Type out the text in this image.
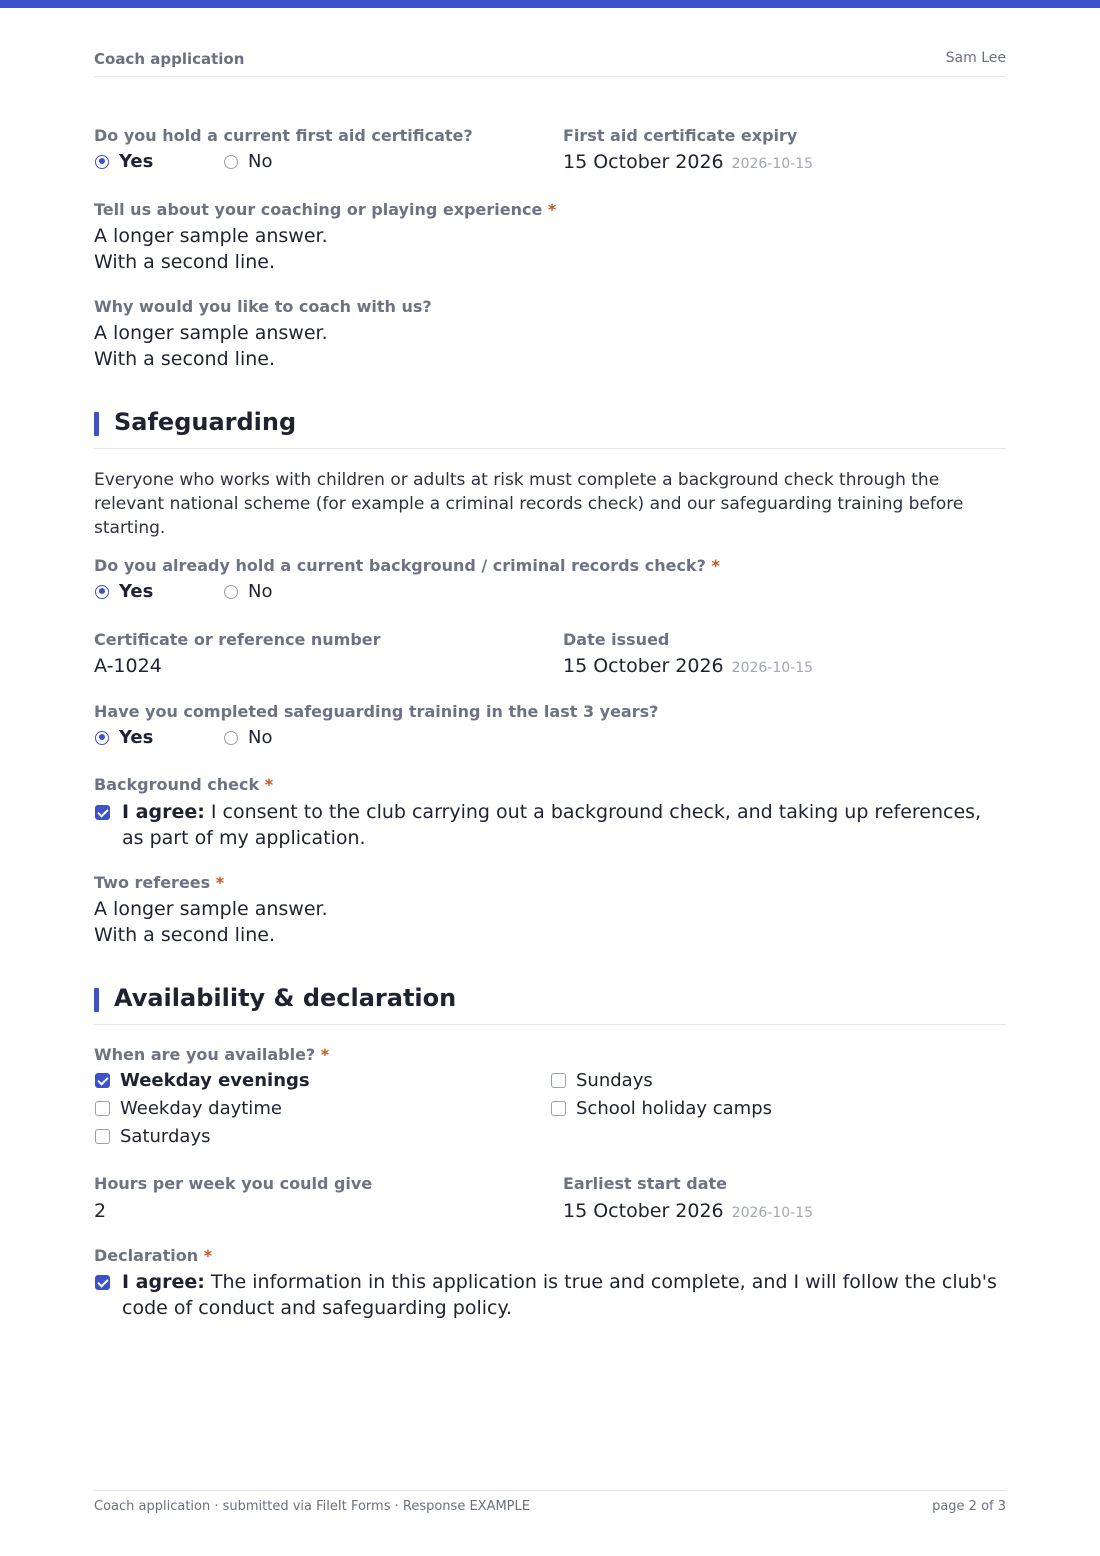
Coach application	Sam Lee
Do you hold a current first aid certificate?
Yes	No
First aid certificate expiry
15 October 2026 2026-10-15
Tell us about your coaching or playing experience *
A longer sample answer.
With a second line.
Why would you like to coach with us?
A longer sample answer.
With a second line.
Safeguarding
Everyone who works with children or adults at risk must complete a background check through the relevant national scheme (for example a criminal records check) and our safeguarding training before starting.
Do you already hold a current background / criminal records check? *
Yes	No
Certificate or reference number
A-1024
Date issued
15 October 2026 2026-10-15
Have you completed safeguarding training in the last 3 years?
Yes	No
Background check *
I agree: I consent to the club carrying out a background check, and taking up references, as part of my application.
Two referees *
A longer sample answer.
With a second line.
Availability & declaration
When are you available? *
Weekday evenings
Weekday daytime
Saturdays
Sundays
School holiday camps
Hours per week you could give
2
Earliest start date
15 October 2026 2026-10-15
Declaration *
I agree: The information in this application is true and complete, and I will follow the club's code of conduct and safeguarding policy.
Coach application · submitted via FileIt Forms · Response EXAMPLE	page 2 of 3
